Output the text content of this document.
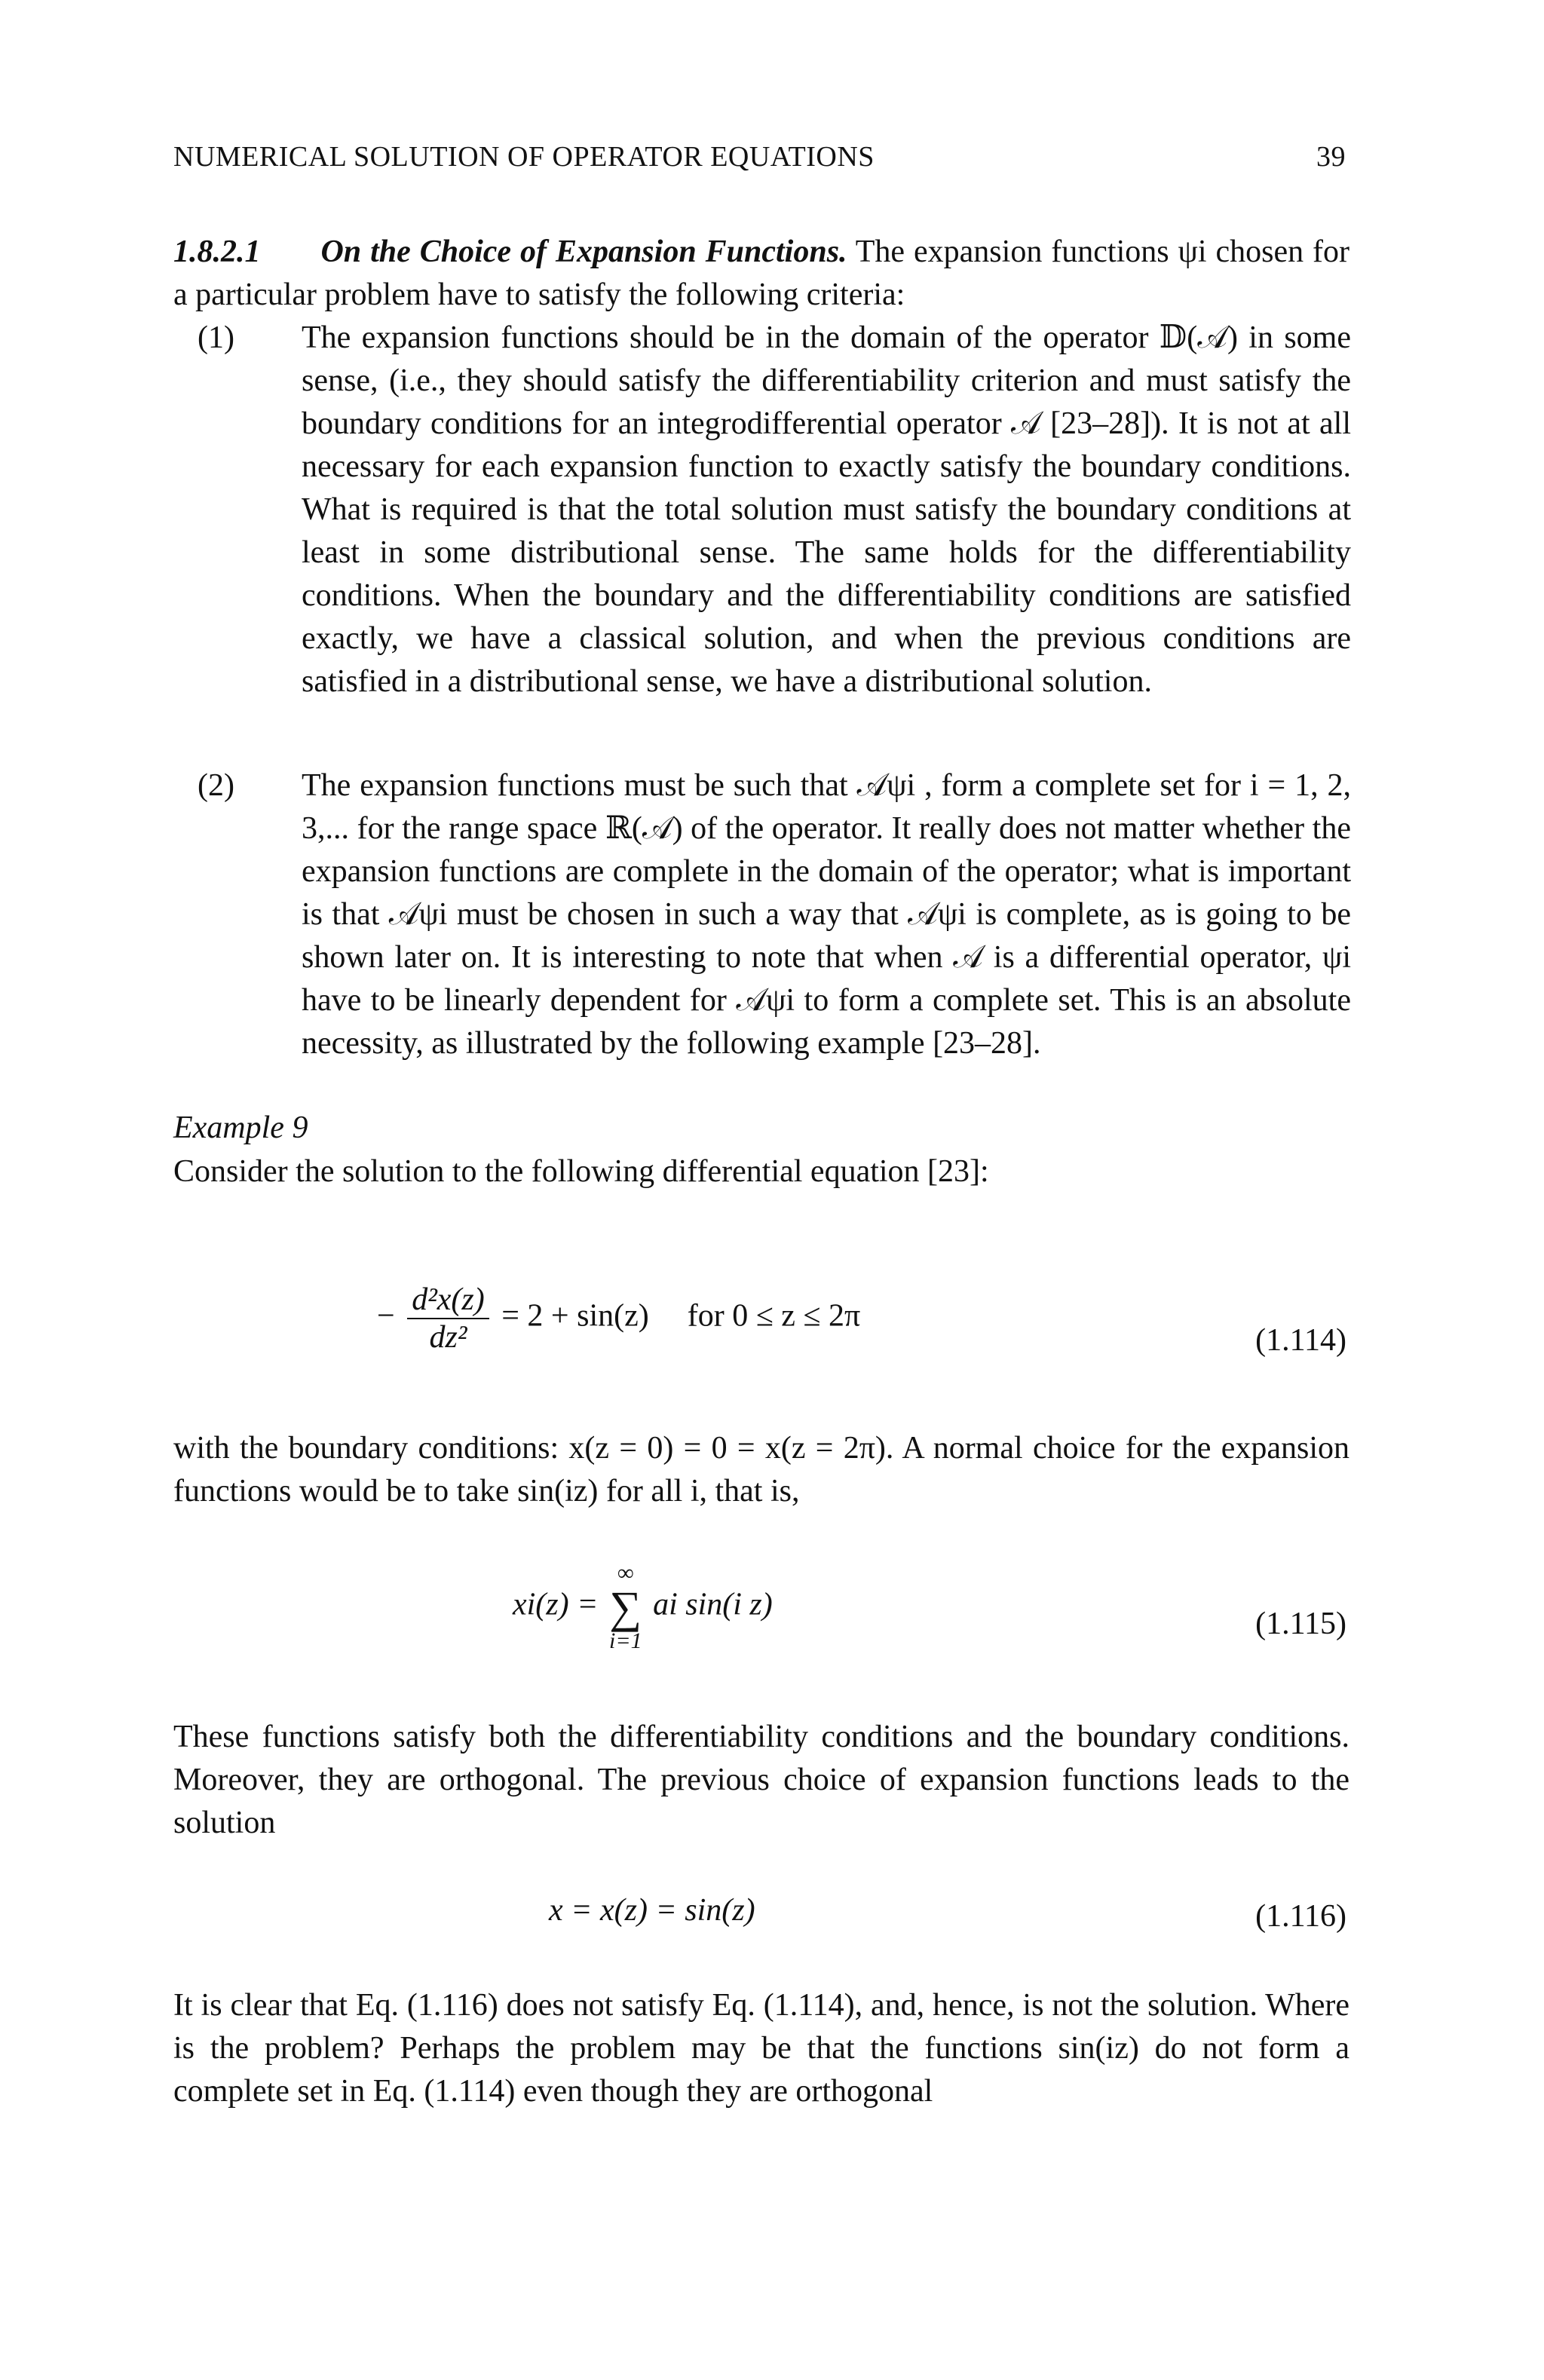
NUMERICAL SOLUTION OF OPERATOR EQUATIONS	39
1.8.2.1 On the Choice of Expansion Functions. The expansion functions ψi chosen for a particular problem have to satisfy the following criteria:
(1)	The expansion functions should be in the domain of the operator 𝔻(𝒜) in some sense, (i.e., they should satisfy the differentiability criterion and must satisfy the boundary conditions for an integrodifferential operator 𝒜 [23–28]). It is not at all necessary for each expansion function to exactly satisfy the boundary conditions. What is required is that the total solution must satisfy the boundary conditions at least in some distributional sense. The same holds for the differentiability conditions. When the boundary and the differentiability conditions are satisfied exactly, we have a classical solution, and when the previous conditions are satisfied in a distributional sense, we have a distributional solution.
(2)	The expansion functions must be such that 𝒜ψi , form a complete set for i = 1, 2, 3,... for the range space ℝ(𝒜) of the operator. It really does not matter whether the expansion functions are complete in the domain of the operator; what is important is that 𝒜ψi must be chosen in such a way that 𝒜ψi is complete, as is going to be shown later on. It is interesting to note that when 𝒜 is a differential operator, ψi have to be linearly dependent for 𝒜ψi to form a complete set. This is an absolute necessity, as illustrated by the following example [23–28].
Example 9
Consider the solution to the following differential equation [23]:
− $\frac{\text{d²x(z)}}{\text{dz²}} = 2 + \sin(z)$ for 0 ≤ z ≤ 2π
(1.114)
with the boundary conditions: x(z = 0) = 0 = x(z = 2π). A normal choice for the expansion functions would be to take sin(iz) for all i, that is,
xi(z) =
∞
∑
i=1
ai sin(i z)
(1.115)
These functions satisfy both the differentiability conditions and the boundary conditions. Moreover, they are orthogonal. The previous choice of expansion functions leads to the solution
x = x(z) = sin(z)	(1.116)
It is clear that Eq. (1.116) does not satisfy Eq. (1.114), and, hence, is not the solution. Where is the problem? Perhaps the problem may be that the functions sin(iz) do not form a complete set in Eq. (1.114) even though they are orthogonal
